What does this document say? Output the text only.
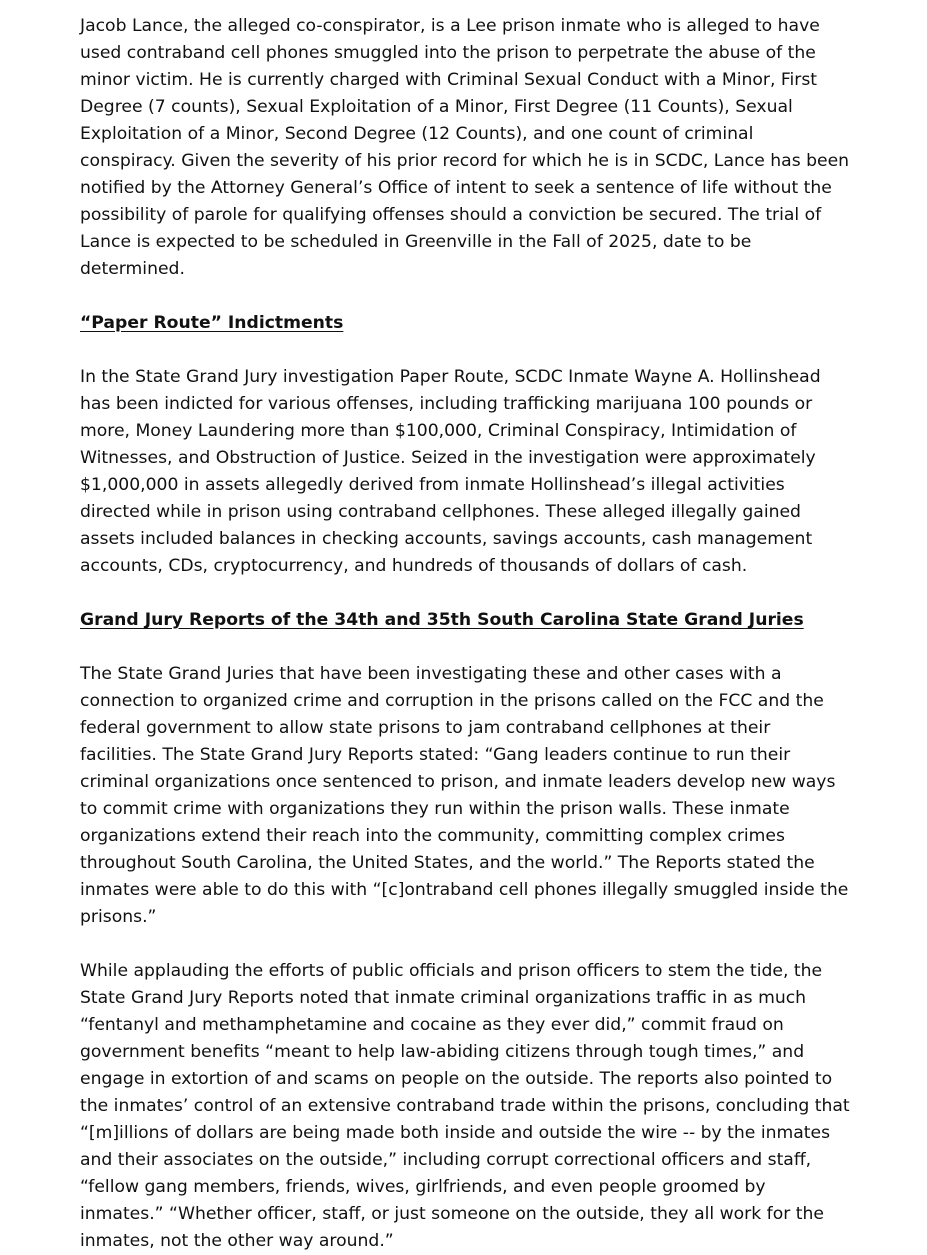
Jacob Lance, the alleged co-conspirator, is a Lee prison inmate who is alleged to have used contraband cell phones smuggled into the prison to perpetrate the abuse of the minor victim. He is currently charged with Criminal Sexual Conduct with a Minor, First Degree (7 counts), Sexual Exploitation of a Minor, First Degree (11 Counts), Sexual Exploitation of a Minor, Second Degree (12 Counts), and one count of criminal conspiracy. Given the severity of his prior record for which he is in SCDC, Lance has been notified by the Attorney General’s Office of intent to seek a sentence of life without the possibility of parole for qualifying offenses should a conviction be secured. The trial of Lance is expected to be scheduled in Greenville in the Fall of 2025, date to be determined.

“Paper Route” Indictments

In the State Grand Jury investigation Paper Route, SCDC Inmate Wayne A. Hollinshead has been indicted for various offenses, including trafficking marijuana 100 pounds or more, Money Laundering more than $100,000, Criminal Conspiracy, Intimidation of Witnesses, and Obstruction of Justice. Seized in the investigation were approximately $1,000,000 in assets allegedly derived from inmate Hollinshead’s illegal activities directed while in prison using contraband cellphones. These alleged illegally gained assets included balances in checking accounts, savings accounts, cash management accounts, CDs, cryptocurrency, and hundreds of thousands of dollars of cash.

Grand Jury Reports of the 34th and 35th South Carolina State Grand Juries

The State Grand Juries that have been investigating these and other cases with a connection to organized crime and corruption in the prisons called on the FCC and the federal government to allow state prisons to jam contraband cellphones at their facilities. The State Grand Jury Reports stated: “Gang leaders continue to run their criminal organizations once sentenced to prison, and inmate leaders develop new ways to commit crime with organizations they run within the prison walls. These inmate organizations extend their reach into the community, committing complex crimes throughout South Carolina, the United States, and the world.” The Reports stated the inmates were able to do this with “[c]ontraband cell phones illegally smuggled inside the prisons.”

While applauding the efforts of public officials and prison officers to stem the tide, the State Grand Jury Reports noted that inmate criminal organizations traffic in as much “fentanyl and methamphetamine and cocaine as they ever did,” commit fraud on government benefits “meant to help law-abiding citizens through tough times,” and engage in extortion of and scams on people on the outside. The reports also pointed to the inmates’ control of an extensive contraband trade within the prisons, concluding that “[m]illions of dollars are being made both inside and outside the wire -- by the inmates and their associates on the outside,” including corrupt correctional officers and staff, “fellow gang members, friends, wives, girlfriends, and even people groomed by inmates.” “Whether officer, staff, or just someone on the outside, they all work for the inmates, not the other way around.”
